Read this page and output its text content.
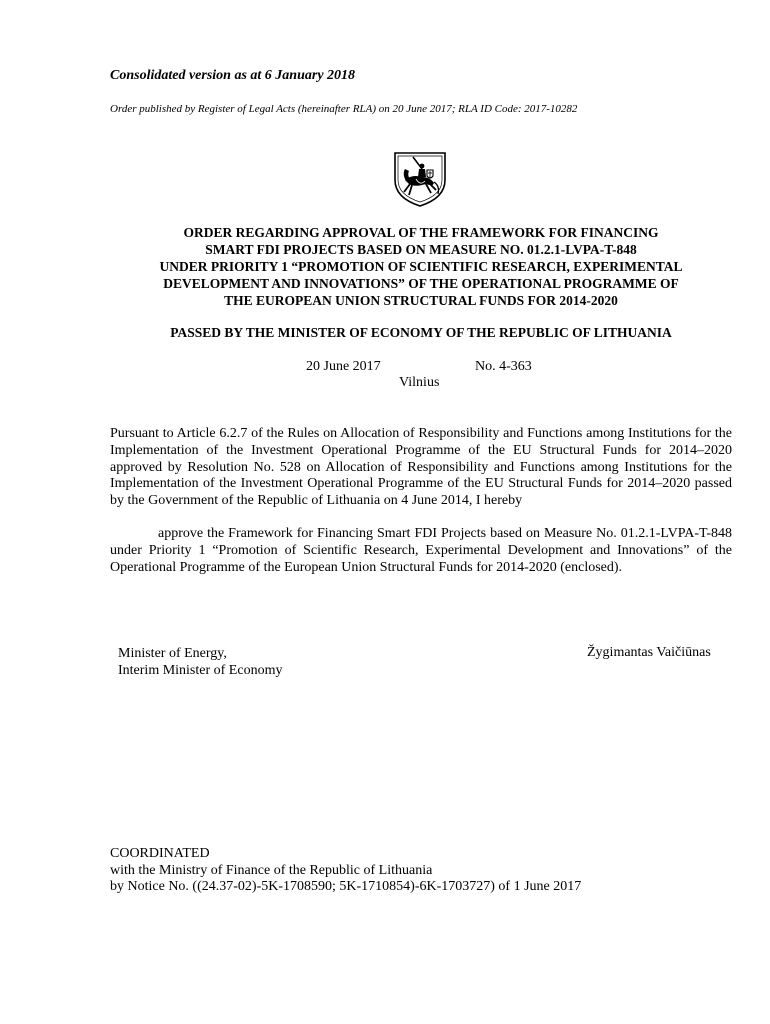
Consolidated version as at 6 January 2018
Order published by Register of Legal Acts (hereinafter RLA) on 20 June 2017; RLA ID Code: 2017-10282
ORDER REGARDING APPROVAL OF THE FRAMEWORK FOR FINANCING
SMART FDI PROJECTS BASED ON MEASURE NO. 01.2.1-LVPA-T-848
UNDER PRIORITY 1 “PROMOTION OF SCIENTIFIC RESEARCH, EXPERIMENTAL
DEVELOPMENT AND INNOVATIONS” OF THE OPERATIONAL PROGRAMME OF
THE EUROPEAN UNION STRUCTURAL FUNDS FOR 2014-2020
PASSED BY THE MINISTER OF ECONOMY OF THE REPUBLIC OF LITHUANIA
20 June 2017	No. 4-363
Vilnius
Pursuant to Article 6.2.7 of the Rules on Allocation of Responsibility and Functions among Institutions for the Implementation of the Investment Operational Programme of the EU Structural Funds for 2014–2020 approved by Resolution No. 528 on Allocation of Responsibility and Functions among Institutions for the Implementation of the Investment Operational Programme of the EU Structural Funds for 2014–2020 passed by the Government of the Republic of Lithuania on 4 June 2014, I hereby
approve the Framework for Financing Smart FDI Projects based on Measure No. 01.2.1-LVPA-T-848 under Priority 1 “Promotion of Scientific Research, Experimental Development and Innovations” of the Operational Programme of the European Union Structural Funds for 2014-2020 (enclosed).
Minister of Energy,
Interim Minister of Economy
Žygimantas Vaičiūnas
COORDINATED
with the Ministry of Finance of the Republic of Lithuania
by Notice No. ((24.37-02)-5K-1708590; 5K-1710854)-6K-1703727) of 1 June 2017
